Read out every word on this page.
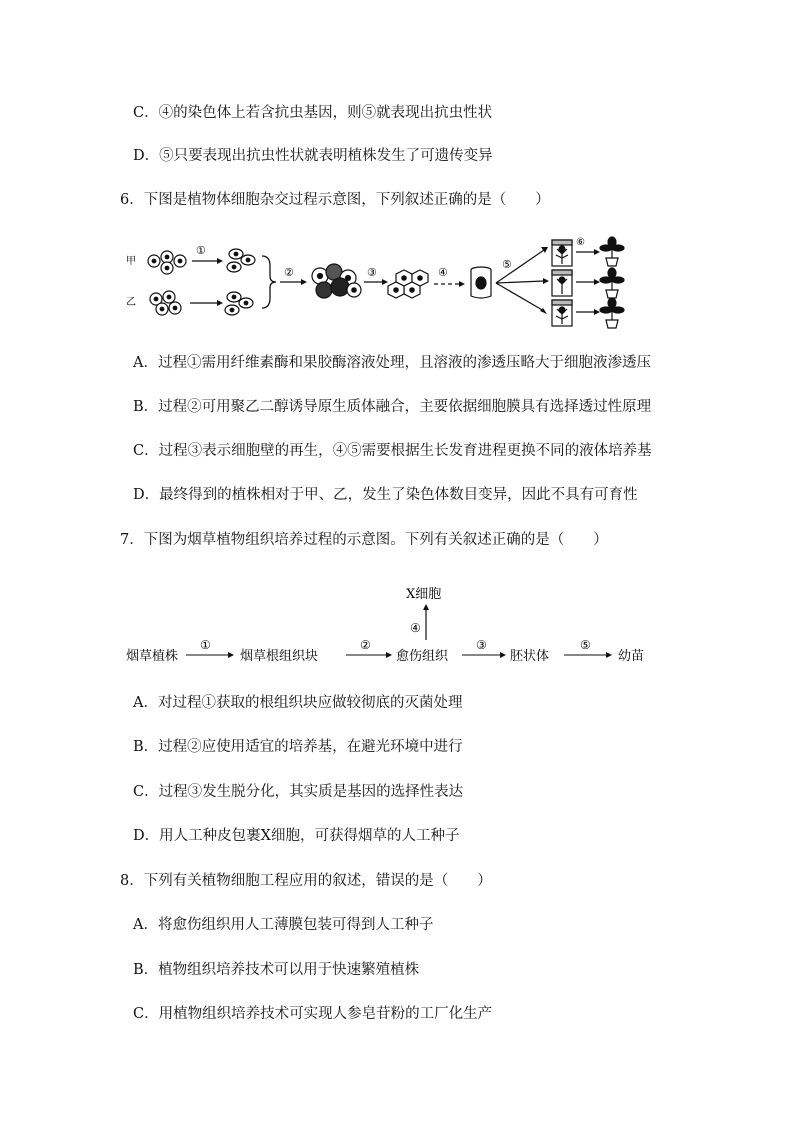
C．④的染色体上若含抗虫基因，则⑤就表现出抗虫性状
D．⑤只要表现出抗虫性状就表明植株发生了可遗传变异
6．下图是植物体细胞杂交过程示意图，下列叙述正确的是（　　）
甲
乙
①
②	③	④
⑤
⑥
A．过程①需用纤维素酶和果胶酶溶液处理，且溶液的渗透压略大于细胞液渗透压
B．过程②可用聚乙二醇诱导原生质体融合，主要依据细胞膜具有选择透过性原理
C．过程③表示细胞壁的再生，④⑤需要根据生长发育进程更换不同的液体培养基
D．最终得到的植株相对于甲、乙，发生了染色体数目变异，因此不具有可育性
7．下图为烟草植物组织培养过程的示意图。下列有关叙述正确的是（　　）
X细胞
④
烟草植株
①
烟草根组织块
②
愈伤组织
③
胚状体
⑤
幼苗
A．对过程①获取的根组织块应做较彻底的灭菌处理
B．过程②应使用适宜的培养基，在避光环境中进行
C．过程③发生脱分化，其实质是基因的选择性表达
D．用人工种皮包裹X细胞，可获得烟草的人工种子
8．下列有关植物细胞工程应用的叙述，错误的是（　　）
A．将愈伤组织用人工薄膜包装可得到人工种子
B．植物组织培养技术可以用于快速繁殖植株
C．用植物组织培养技术可实现人参皂苷粉的工厂化生产
